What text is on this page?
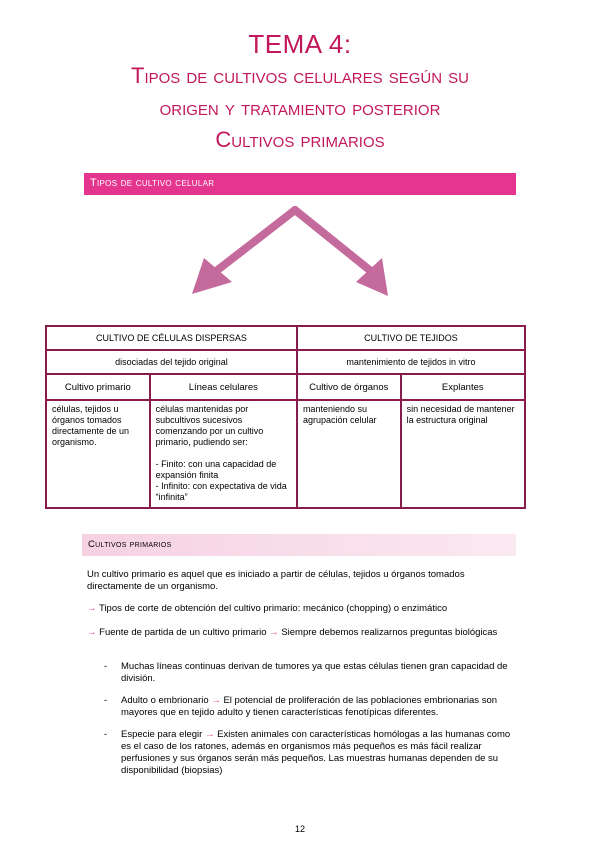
TEMA 4:
Tipos de cultivos celulares según su
origen y tratamiento posterior
Cultivos primarios
Tipos de cultivo celular
CULTIVO DE CÉLULAS DISPERSAS		CULTIVO DE TEJIDOS	
disociadas del tejido original		mantenimiento de tejidos in vitro	
Cultivo primario	Líneas celulares	Cultivo de órganos	Explantes
células, tejidos u órganos tomados directamente de un organismo.	células mantenidas por subcultivos sucesivos comenzando por un cultivo primario, pudiendo ser:
- Finito: con una capacidad de expansión finita
- Infinito: con expectativa de vida “infinita”	manteniendo su agrupación celular	sin necesidad de mantener la estructura original
Cultivos primarios
Un cultivo primario es aquel que es iniciado a partir de células, tejidos u órganos tomados directamente de un organismo.
→ Tipos de corte de obtención del cultivo primario: mecánico (chopping) o enzimático
→ Fuente de partida de un cultivo primario → Siempre debemos realizarnos preguntas biológicas
- Muchas líneas continuas derivan de tumores ya que estas células tienen gran capacidad de división.
- Adulto o embrionario → El potencial de proliferación de las poblaciones embrionarias son mayores que en tejido adulto y tienen características fenotípicas diferentes.
- Especie para elegir → Existen animales con características homólogas a las humanas como es el caso de los ratones, además en organismos más pequeños es más fácil realizar perfusiones y sus órganos serán más pequeños. Las muestras humanas dependen de su disponibilidad (biopsias)
12
